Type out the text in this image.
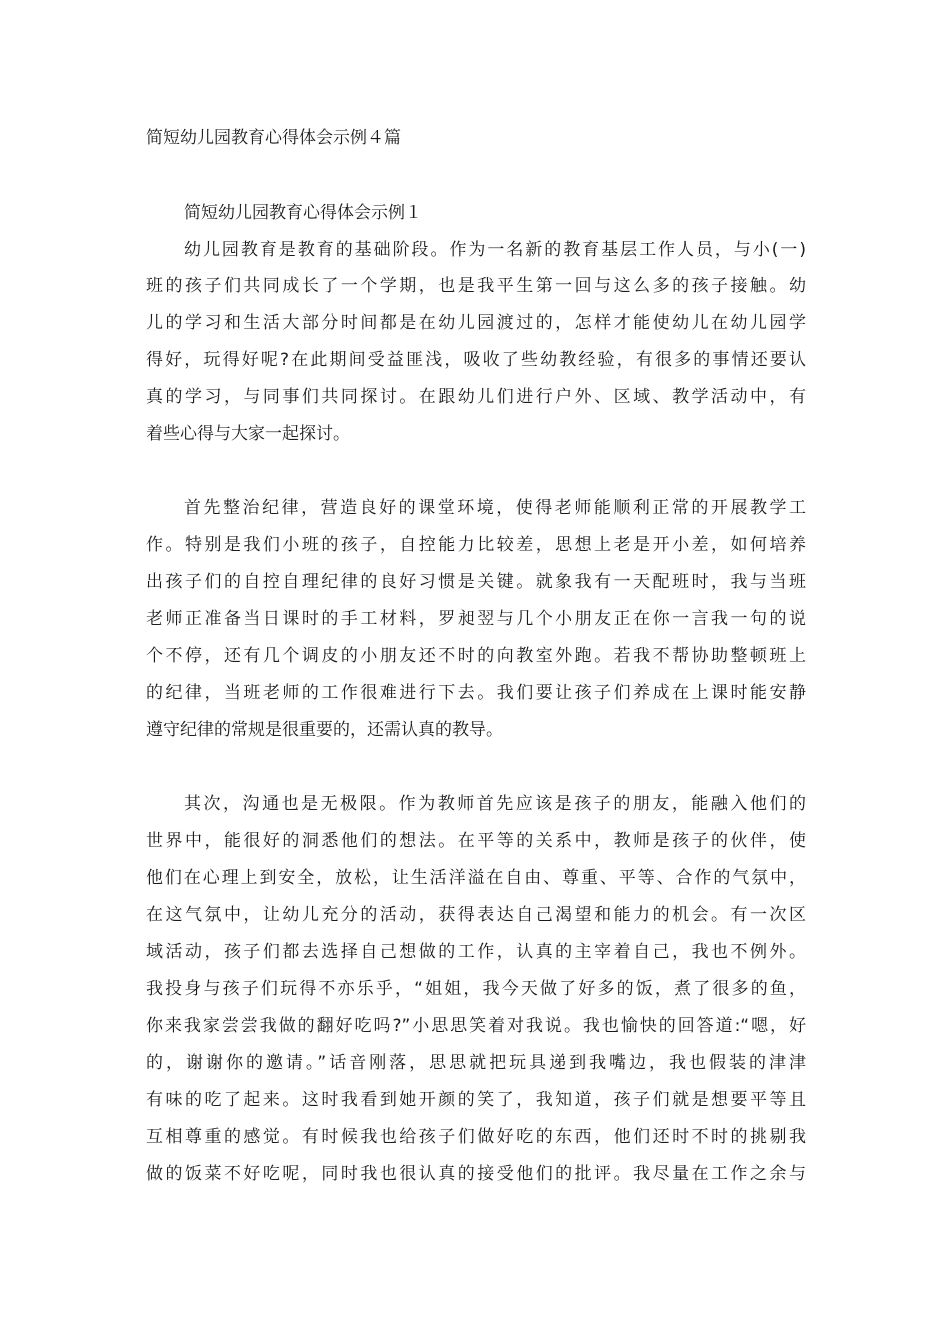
简短幼儿园教育心得体会示例４篇
简短幼儿园教育心得体会示例１
幼儿园教育是教育的基础阶段。作为一名新的教育基层工作人员，与小(一)
班的孩子们共同成长了一个学期，也是我平生第一回与这么多的孩子接触。幼
儿的学习和生活大部分时间都是在幼儿园渡过的，怎样才能使幼儿在幼儿园学
得好，玩得好呢?在此期间受益匪浅，吸收了些幼教经验，有很多的事情还要认
真的学习，与同事们共同探讨。在跟幼儿们进行户外、区域、教学活动中，有
着些心得与大家一起探讨。
首先整治纪律，营造良好的课堂环境，使得老师能顺利正常的开展教学工
作。特别是我们小班的孩子，自控能力比较差，思想上老是开小差，如何培养
出孩子们的自控自理纪律的良好习惯是关键。就象我有一天配班时，我与当班
老师正准备当日课时的手工材料，罗昶翌与几个小朋友正在你一言我一句的说
个不停，还有几个调皮的小朋友还不时的向教室外跑。若我不帮协助整顿班上
的纪律，当班老师的工作很难进行下去。我们要让孩子们养成在上课时能安静
遵守纪律的常规是很重要的，还需认真的教导。
其次，沟通也是无极限。作为教师首先应该是孩子的朋友，能融入他们的
世界中，能很好的洞悉他们的想法。在平等的关系中，教师是孩子的伙伴，使
他们在心理上到安全，放松，让生活洋溢在自由、尊重、平等、合作的气氛中，
在这气氛中，让幼儿充分的活动，获得表达自己渴望和能力的机会。有一次区
域活动，孩子们都去选择自己想做的工作，认真的主宰着自己，我也不例外。
我投身与孩子们玩得不亦乐乎，“姐姐，我今天做了好多的饭，煮了很多的鱼，
你来我家尝尝我做的翻好吃吗?”小思思笑着对我说。我也愉快的回答道:“嗯，好
的，谢谢你的邀请。”话音刚落，思思就把玩具递到我嘴边，我也假装的津津
有味的吃了起来。这时我看到她开颜的笑了，我知道，孩子们就是想要平等且
互相尊重的感觉。有时候我也给孩子们做好吃的东西，他们还时不时的挑剔我
做的饭菜不好吃呢，同时我也很认真的接受他们的批评。我尽量在工作之余与
